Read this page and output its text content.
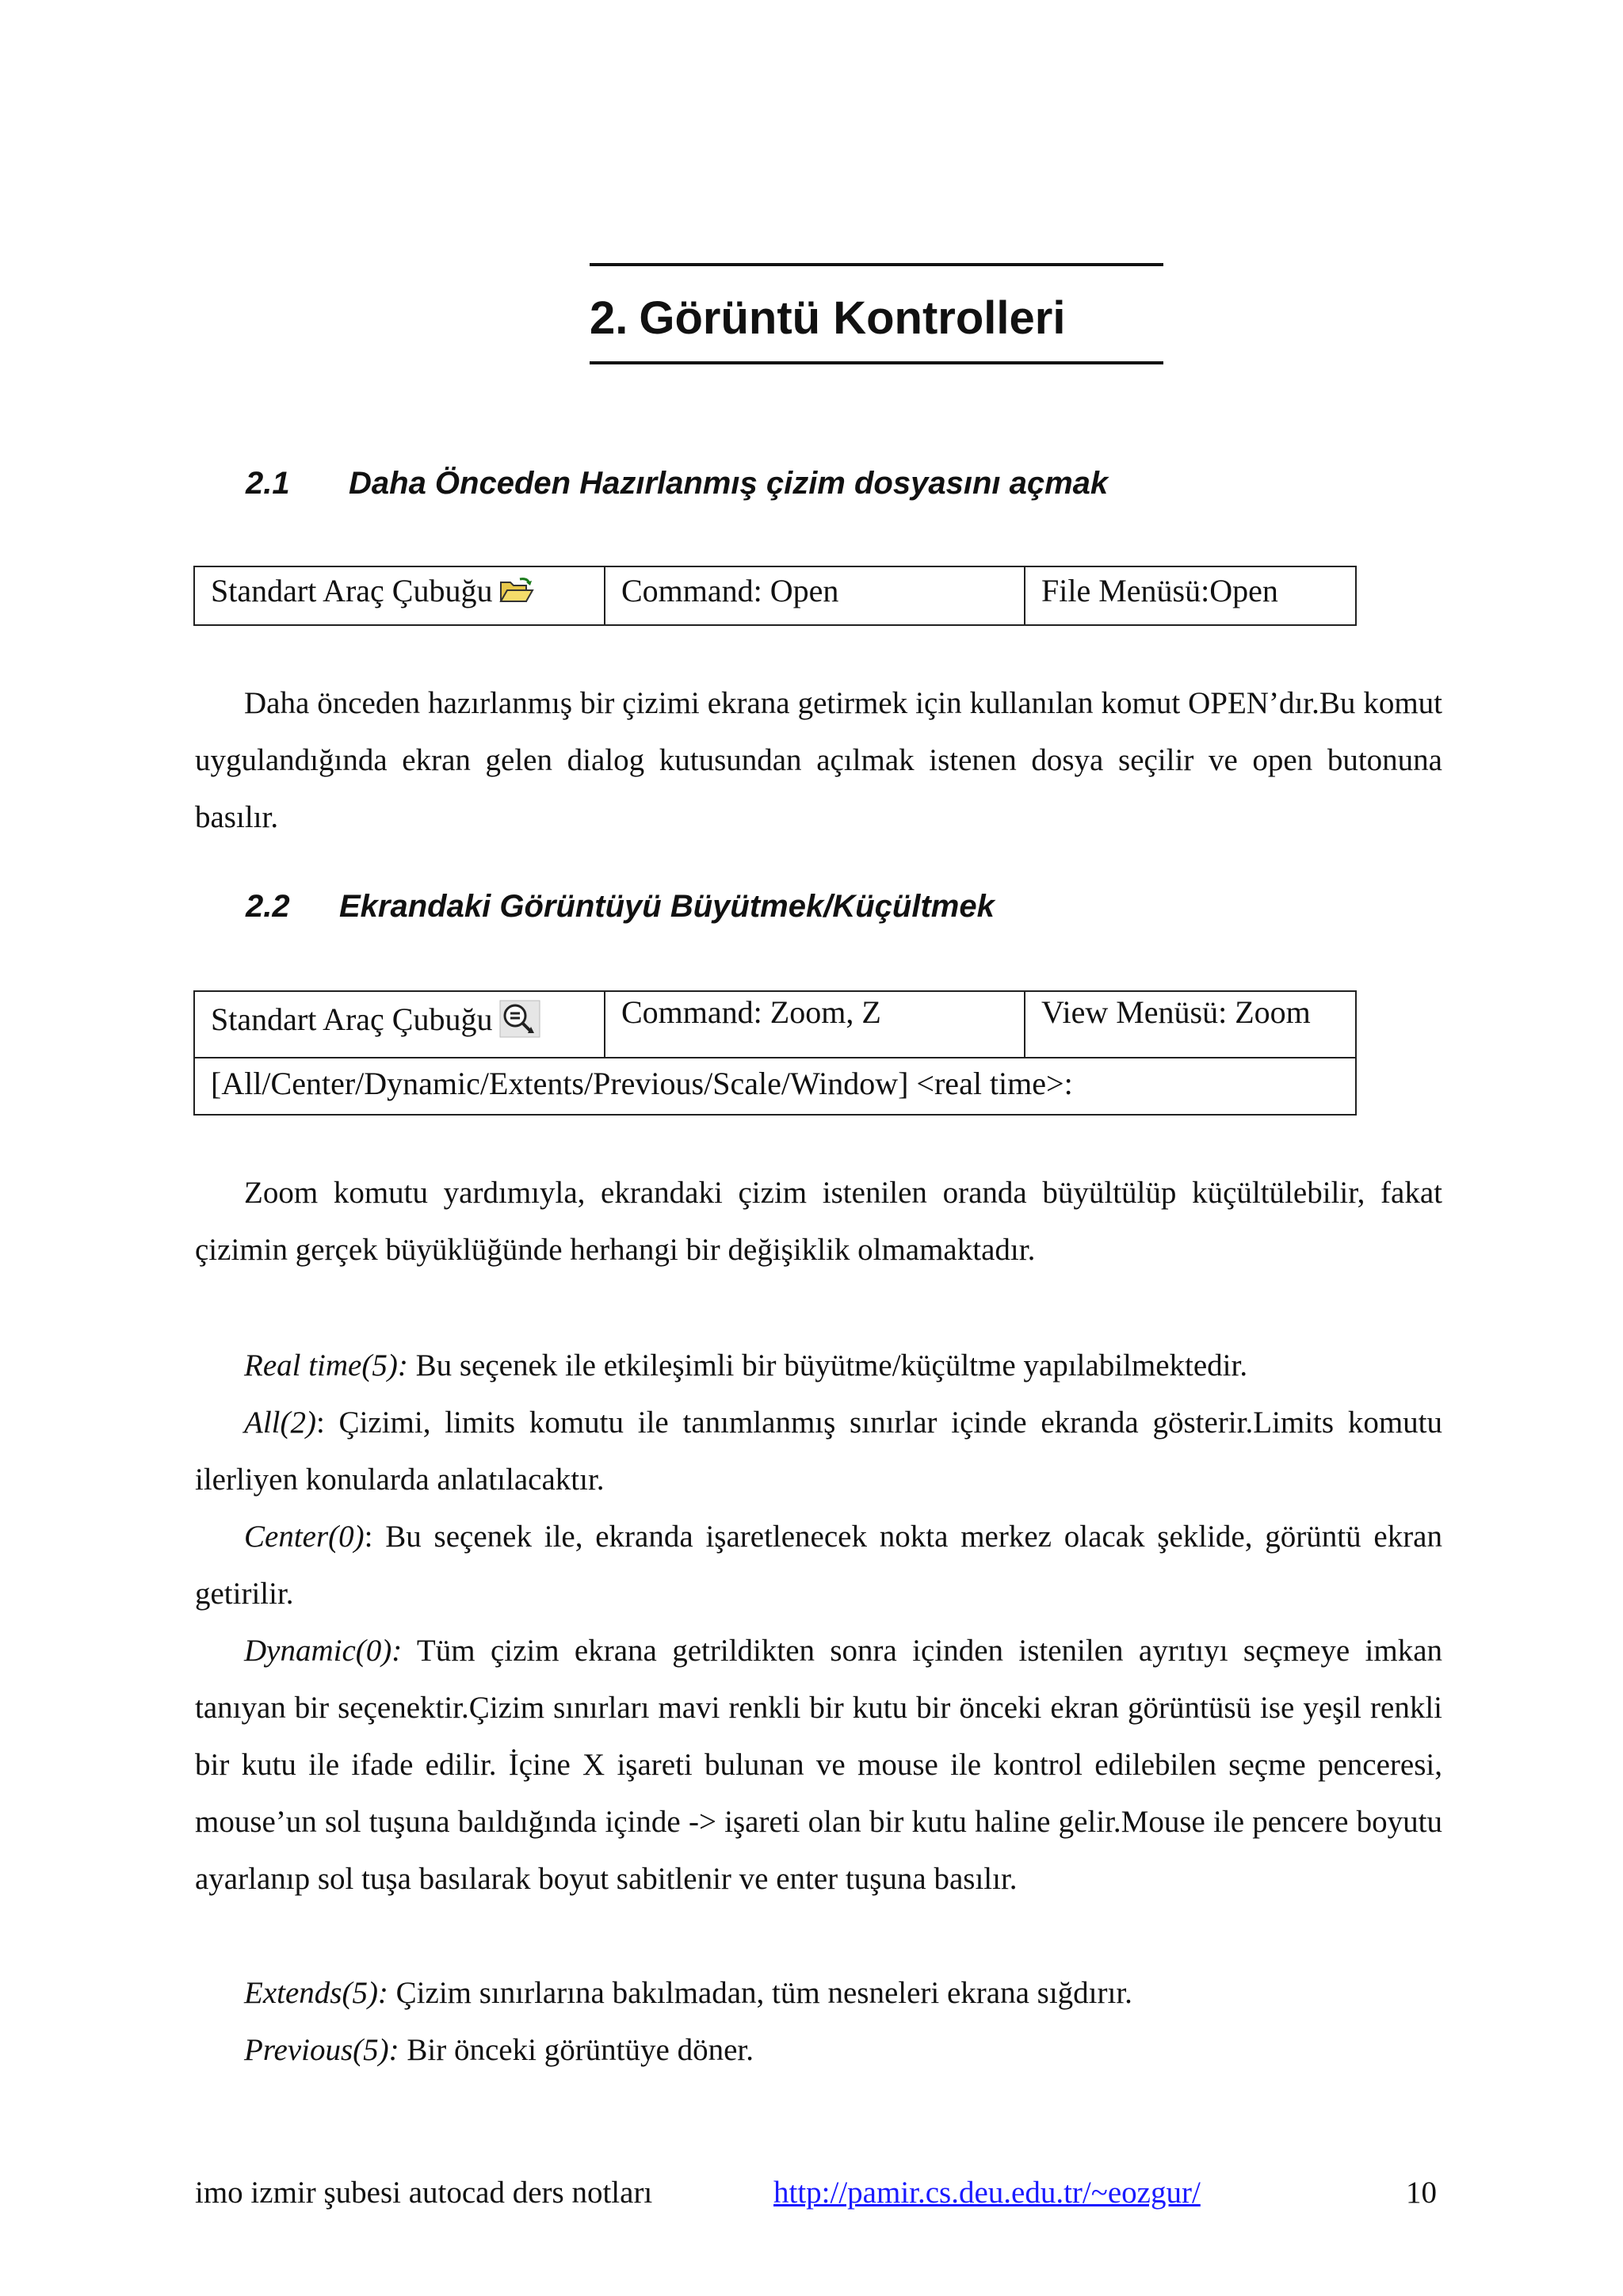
2. Görüntü Kontrolleri
2.1 Daha Önceden Hazırlanmış çizim dosyasını açmak
Standart Araç Çubuğu	Command: Open	File Menüsü:Open

Daha önceden hazırlanmış bir çizimi ekrana getirmek için kullanılan komut OPEN’dır.Bu komut uygulandığında ekran gelen dialog kutusundan açılmak istenen dosya seçilir ve open butonuna basılır.

2.2 Ekrandaki Görüntüyü Büyütmek/Küçültmek
Standart Araç Çubuğu	Command: Zoom, Z	View Menüsü: Zoom
[All/Center/Dynamic/Extents/Previous/Scale/Window] <real time>:

Zoom komutu yardımıyla, ekrandaki çizim istenilen oranda büyültülüp küçültülebilir, fakat çizimin gerçek büyüklüğünde herhangi bir değişiklik olmamaktadır.

Real time(5): Bu seçenek ile etkileşimli bir büyütme/küçültme yapılabilmektedir.

All(2): Çizimi, limits komutu ile tanımlanmış sınırlar içinde ekranda gösterir.Limits komutu ilerliyen konularda anlatılacaktır.

Center(0): Bu seçenek ile, ekranda işaretlenecek nokta merkez olacak şeklide, görüntü ekran getirilir.

Dynamic(0): Tüm çizim ekrana getrildikten sonra içinden istenilen ayrıtıyı seçmeye imkan tanıyan bir seçenektir.Çizim sınırları mavi renkli bir kutu bir önceki ekran görüntüsü ise yeşil renkli bir kutu ile ifade edilir. İçine X işareti bulunan ve mouse ile kontrol edilebilen seçme penceresi, mouse’un sol tuşuna baıldığında içinde -> işareti olan bir kutu haline gelir.Mouse ile pencere boyutu ayarlanıp sol tuşa basılarak boyut sabitlenir ve enter tuşuna basılır.

Extends(5): Çizim sınırlarına bakılmadan, tüm nesneleri ekrana sığdırır.

Previous(5): Bir önceki görüntüye döner.

imo izmir şubesi autocad ders notları	http://pamir.cs.deu.edu.tr/~eozgur/	10
